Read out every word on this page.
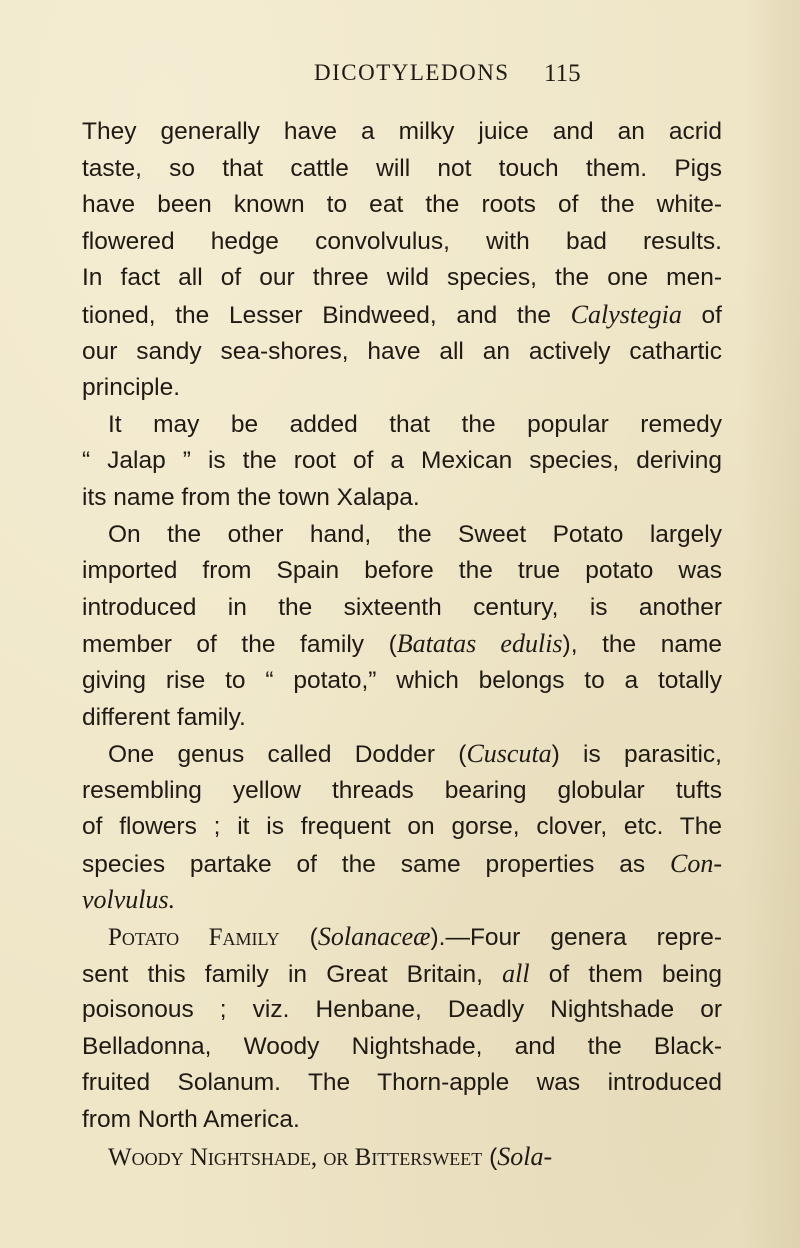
DICOTYLEDONS 115
They generally have a milky juice and an acrid
taste, so that cattle will not touch them. Pigs
have been known to eat the roots of the white-
flowered hedge convolvulus, with bad results.
In fact all of our three wild species, the one men-
tioned, the Lesser Bindweed, and the Calystegia of
our sandy sea-shores, have all an actively cathartic
principle.
It may be added that the popular remedy
“ Jalap ” is the root of a Mexican species, deriving
its name from the town Xalapa.
On the other hand, the Sweet Potato largely
imported from Spain before the true potato was
introduced in the sixteenth century, is another
member of the family (Batatas edulis), the name
giving rise to “ potato,” which belongs to a totally
different family.
One genus called Dodder (Cuscuta) is parasitic,
resembling yellow threads bearing globular tufts
of flowers ; it is frequent on gorse, clover, etc. The
species partake of the same properties as Con-
volvulus.
Potato Family (Solanaceæ).—Four genera repre-
sent this family in Great Britain, all of them being
poisonous ; viz. Henbane, Deadly Nightshade or
Belladonna, Woody Nightshade, and the Black-
fruited Solanum. The Thorn-apple was introduced
from North America.
Woody Nightshade, or Bittersweet (Sola-
